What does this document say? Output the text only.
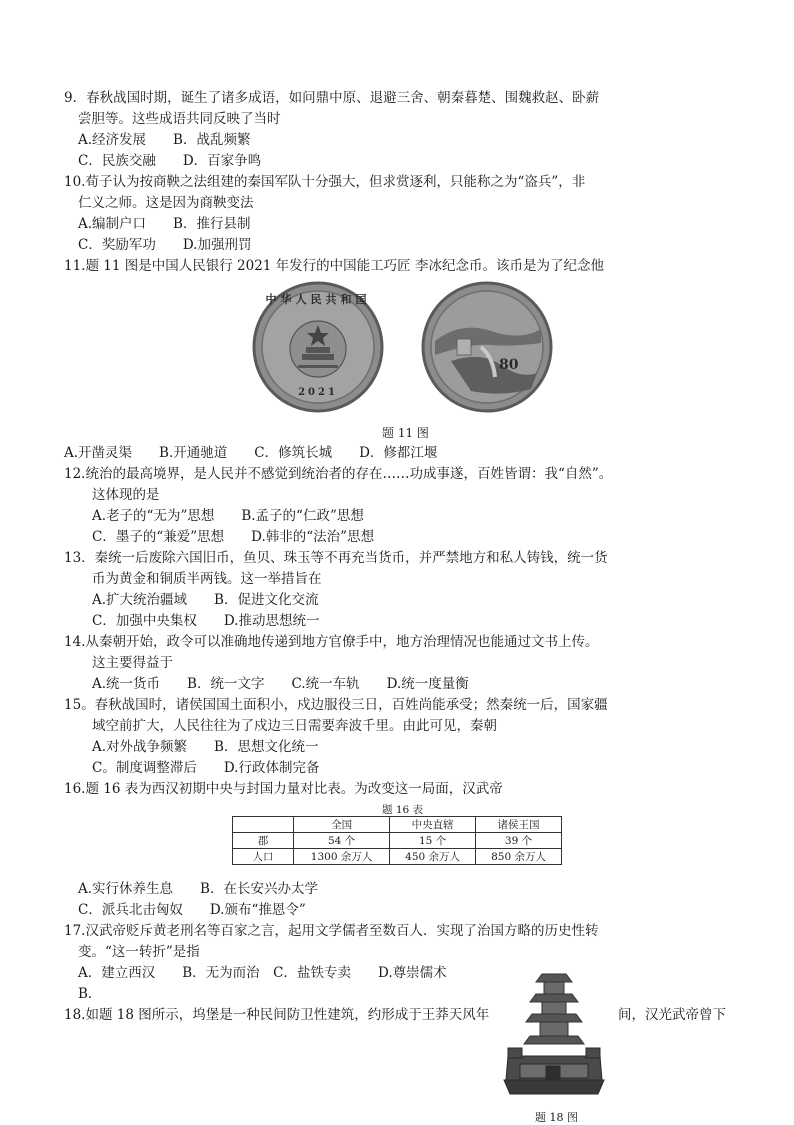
9．春秋战国时期，诞生了诸多成语，如问鼎中原、退避三舍、朝秦暮楚、围魏救赵、卧薪
尝胆等。这些成语共同反映了当时
A.经济发展　　B．战乱频繁
C．民族交融　　D．百家争鸣
10.荀子认为按商鞅之法组建的秦国军队十分强大，但求赏逐利，只能称之为“盗兵”，非
仁义之师。这是因为商鞅变法
A.编制户口　　B．推行县制
C．奖励军功　　D.加强刑罚
11.题 11 图是中国人民银行 2021 年发行的中国能工巧匠 李冰纪念币。该币是为了纪念他
中华人民共和国
2021
80
题 11 图
A.开凿灵渠　　B.开通驰道　　C．修筑长城　　D．修都江堰
12.统治的最高境界，是人民并不感觉到统治者的存在……功成事遂，百姓皆谓：我“自然”。
这体现的是
A.老子的“无为”思想　　B.孟子的“仁政”思想
C．墨子的“兼爱”思想　　D.韩非的“法治”思想
13．秦统一后废除六国旧币，鱼贝、珠玉等不再充当货币，并严禁地方和私人铸钱，统一货
币为黄金和铜质半两钱。这一举措旨在
A.扩大统治疆域　　B．促进文化交流
C．加强中央集权　　D.推动思想统一
14.从秦朝开始，政令可以准确地传递到地方官僚手中，地方治理情况也能通过文书上传。
这主要得益于
A.统一货币　　B．统一文字　　C.统一车轨　　D.统一度量衡
15。春秋战国时，诸侯国国土面积小，戍边服役三日，百姓尚能承受；然秦统一后，国家疆
域空前扩大，人民往往为了戍边三日需要奔波千里。由此可见，秦朝
A.对外战争频繁　　B．思想文化统一
C。制度调整滞后　　D.行政体制完备
16.题 16 表为西汉初期中央与封国力量对比表。为改变这一局面，汉武帝
题 16 表
	全国	中央直辖	诸侯王国
郡	54 个	15 个	39 个
人口	1300 余万人	450 余万人	850 余万人
A.实行休养生息　　B．在长安兴办太学
C．派兵北击匈奴　　D.颁布“推恩令”
17.汉武帝贬斥黄老刑名等百家之言，起用文学儒者至数百人．实现了治国方略的历史性转
变。“这一转折”是指
A．建立西汉　　B．无为而治　C．盐铁专卖　　D.尊崇儒术
B．
18.如题 18 图所示，坞堡是一种民间防卫性建筑，约形成于王莽天风年	间，汉光武帝曾下
题 18 图
